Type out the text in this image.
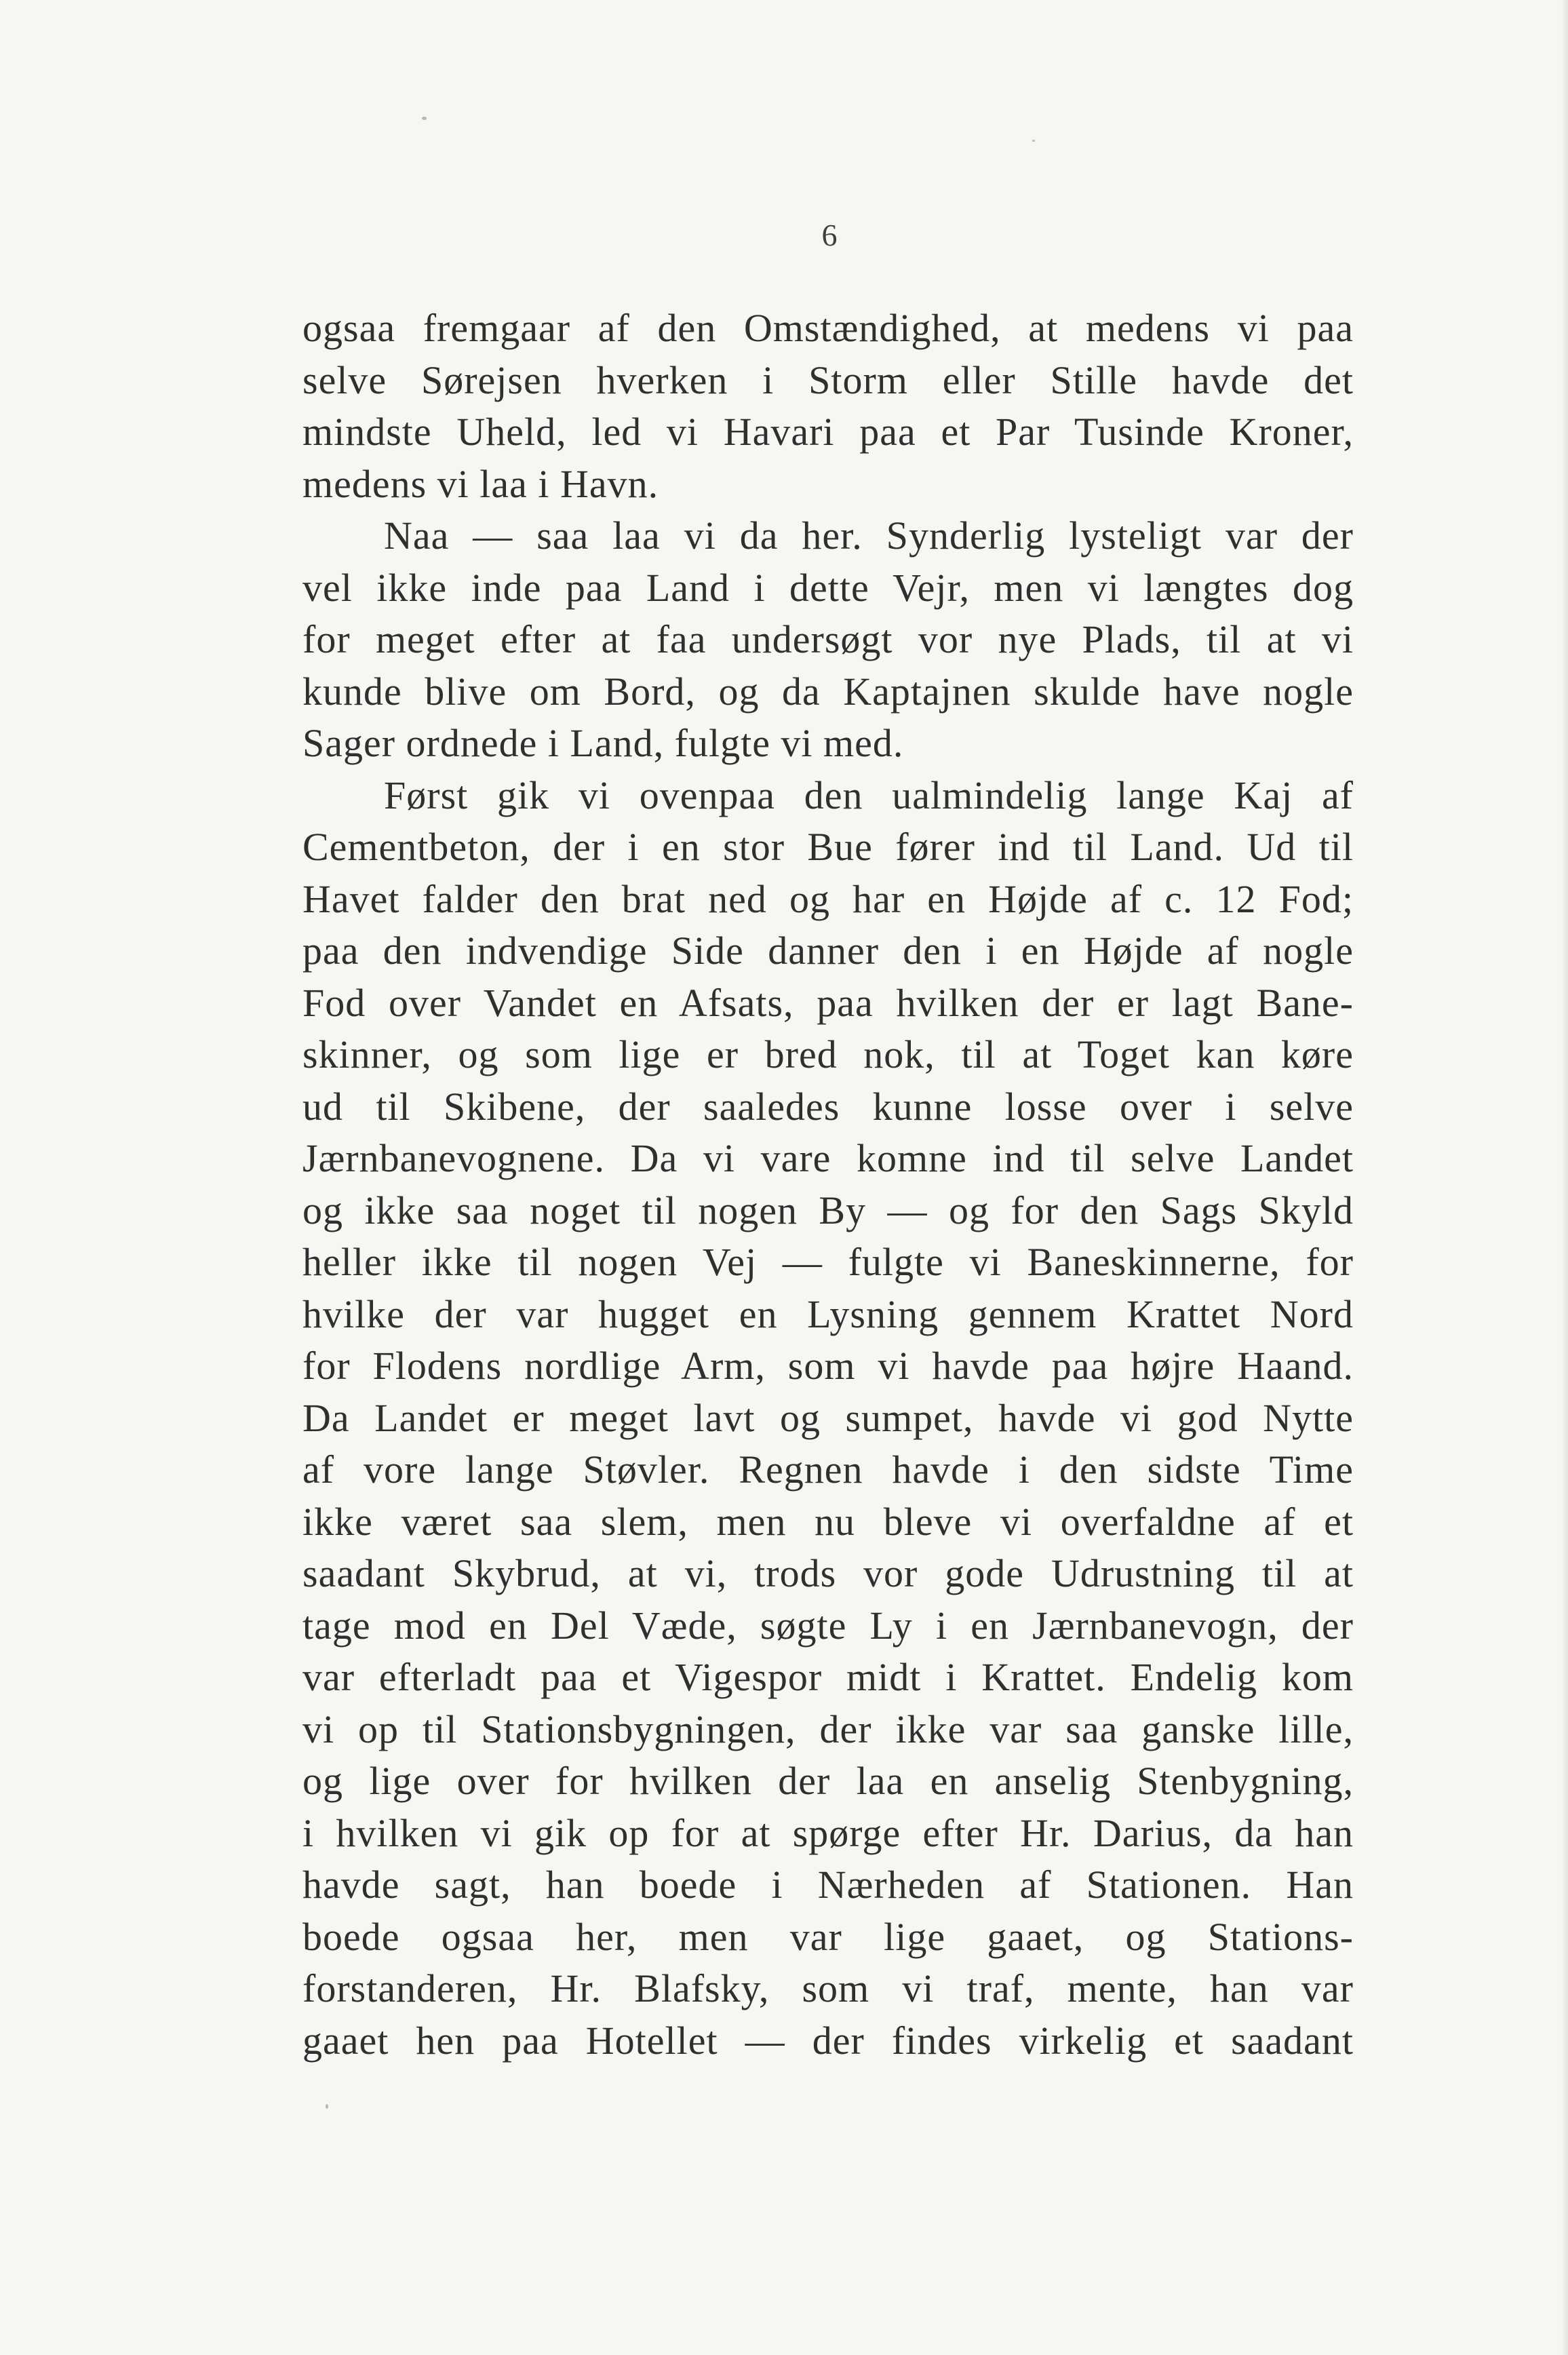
6
ogsaa fremgaar af den Omstændighed, at medens vi paa
selve Sørejsen hverken i Storm eller Stille havde det
mindste Uheld, led vi Havari paa et Par Tusinde Kroner,
medens vi laa i Havn.
Naa — saa laa vi da her. Synderlig lysteligt var der
vel ikke inde paa Land i dette Vejr, men vi længtes dog
for meget efter at faa undersøgt vor nye Plads, til at vi
kunde blive om Bord, og da Kaptajnen skulde have nogle
Sager ordnede i Land, fulgte vi med.
Først gik vi ovenpaa den ualmindelig lange Kaj af
Cementbeton, der i en stor Bue fører ind til Land. Ud til
Havet falder den brat ned og har en Højde af c. 12 Fod;
paa den indvendige Side danner den i en Højde af nogle
Fod over Vandet en Afsats, paa hvilken der er lagt Bane-
skinner, og som lige er bred nok, til at Toget kan køre
ud til Skibene, der saaledes kunne losse over i selve
Jærnbanevognene. Da vi vare komne ind til selve Landet
og ikke saa noget til nogen By — og for den Sags Skyld
heller ikke til nogen Vej — fulgte vi Baneskinnerne, for
hvilke der var hugget en Lysning gennem Krattet Nord
for Flodens nordlige Arm, som vi havde paa højre Haand.
Da Landet er meget lavt og sumpet, havde vi god Nytte
af vore lange Støvler. Regnen havde i den sidste Time
ikke været saa slem, men nu bleve vi overfaldne af et
saadant Skybrud, at vi, trods vor gode Udrustning til at
tage mod en Del Væde, søgte Ly i en Jærnbanevogn, der
var efterladt paa et Vigespor midt i Krattet. Endelig kom
vi op til Stationsbygningen, der ikke var saa ganske lille,
og lige over for hvilken der laa en anselig Stenbygning,
i hvilken vi gik op for at spørge efter Hr. Darius, da han
havde sagt, han boede i Nærheden af Stationen. Han
boede ogsaa her, men var lige gaaet, og Stations-
forstanderen, Hr. Blafsky, som vi traf, mente, han var
gaaet hen paa Hotellet — der findes virkelig et saadant
